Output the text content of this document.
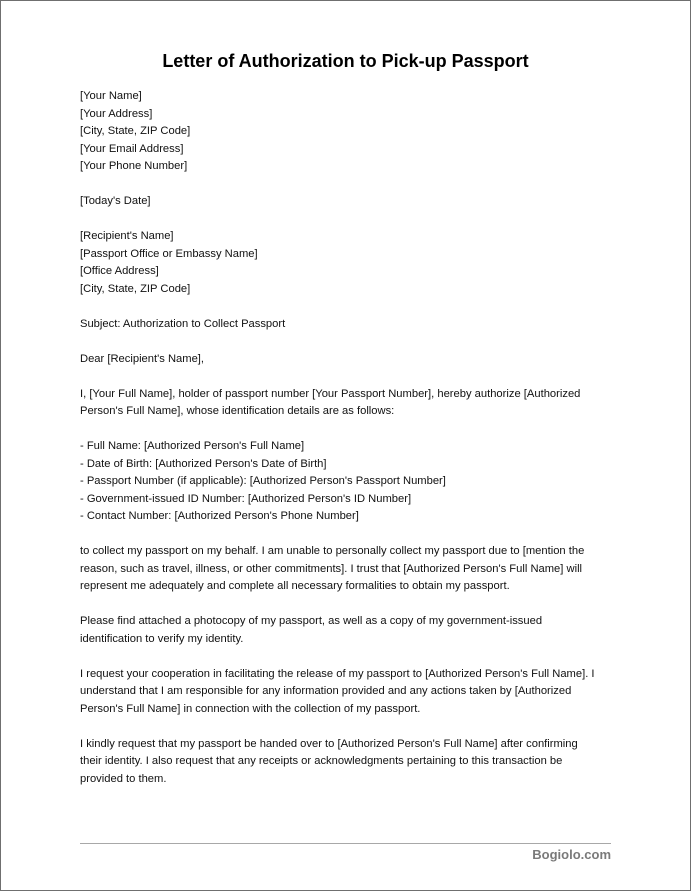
Letter of Authorization to Pick-up Passport
[Your Name]
[Your Address]
[City, State, ZIP Code]
[Your Email Address]
[Your Phone Number]
[Today's Date]
[Recipient's Name]
[Passport Office or Embassy Name]
[Office Address]
[City, State, ZIP Code]
Subject: Authorization to Collect Passport
Dear [Recipient's Name],
I, [Your Full Name], holder of passport number [Your Passport Number], hereby authorize [Authorized
Person's Full Name], whose identification details are as follows:
- Full Name: [Authorized Person's Full Name]
- Date of Birth: [Authorized Person's Date of Birth]
- Passport Number (if applicable): [Authorized Person's Passport Number]
- Government-issued ID Number: [Authorized Person's ID Number]
- Contact Number: [Authorized Person's Phone Number]
to collect my passport on my behalf. I am unable to personally collect my passport due to [mention the
reason, such as travel, illness, or other commitments]. I trust that [Authorized Person's Full Name] will
represent me adequately and complete all necessary formalities to obtain my passport.
Please find attached a photocopy of my passport, as well as a copy of my government-issued
identification to verify my identity.
I request your cooperation in facilitating the release of my passport to [Authorized Person's Full Name]. I
understand that I am responsible for any information provided and any actions taken by [Authorized
Person's Full Name] in connection with the collection of my passport.
I kindly request that my passport be handed over to [Authorized Person's Full Name] after confirming
their identity. I also request that any receipts or acknowledgments pertaining to this transaction be
provided to them.
Bogiolo.com
